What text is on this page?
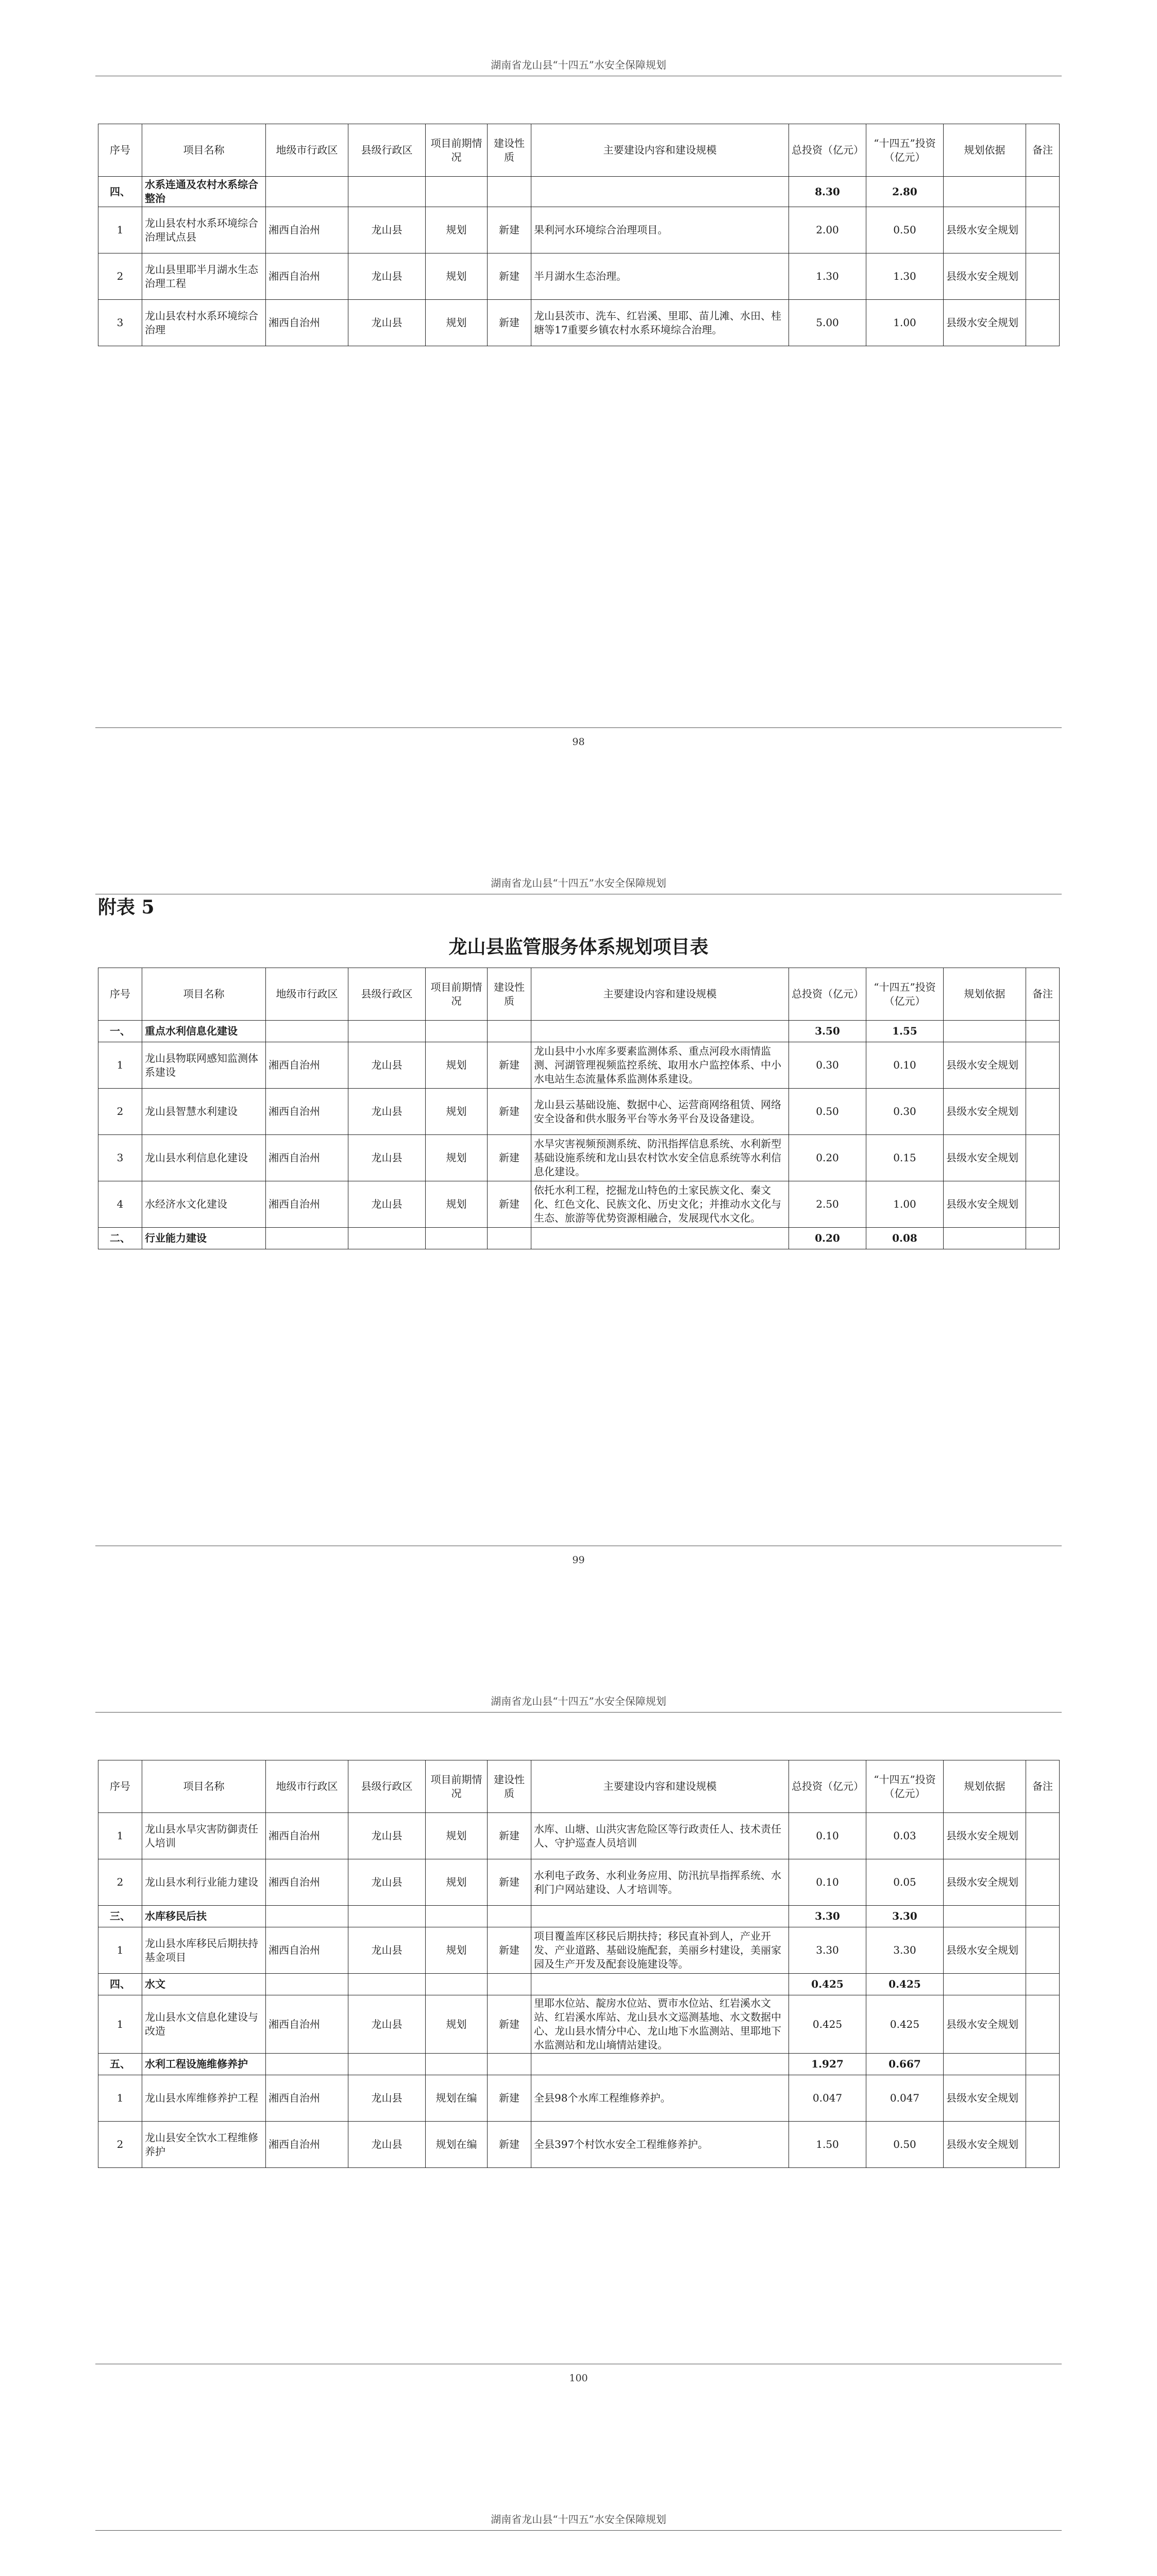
湖南省龙山县“十四五”水安全保障规划
序号	项目名称	地级市行政区	县级行政区	项目前期情况	建设性质	主要建设内容和建设规模	总投资（亿元）	“十四五”投资（亿元）	规划依据	备注
四、	水系连通及农村水系综合整治						8.30	2.80		
1	龙山县农村水系环境综合治理试点县	湘西自治州	龙山县	规划	新建	果利河水环境综合治理项目。	2.00	0.50	县级水安全规划	
2	龙山县里耶半月湖水生态治理工程	湘西自治州	龙山县	规划	新建	半月湖水生态治理。	1.30	1.30	县级水安全规划	
3	龙山县农村水系环境综合治理	湘西自治州	龙山县	规划	新建	龙山县茨市、洗车、红岩溪、里耶、苗儿滩、水田、桂塘等17重要乡镇农村水系环境综合治理。	5.00	1.00	县级水安全规划	
98
湖南省龙山县“十四五”水安全保障规划
附表 5
龙山县监管服务体系规划项目表
序号	项目名称	地级市行政区	县级行政区	项目前期情况	建设性质	主要建设内容和建设规模	总投资（亿元）	“十四五”投资（亿元）	规划依据	备注
一、	重点水利信息化建设						3.50	1.55		
1	龙山县物联网感知监测体系建设	湘西自治州	龙山县	规划	新建	龙山县中小水库多要素监测体系、重点河段水雨情监测、河湖管理视频监控系统、取用水户监控体系、中小水电站生态流量体系监测体系建设。	0.30	0.10	县级水安全规划	
2	龙山县智慧水利建设	湘西自治州	龙山县	规划	新建	龙山县云基础设施、数据中心、运营商网络租赁、网络安全设备和供水服务平台等水务平台及设备建设。	0.50	0.30	县级水安全规划	
3	龙山县水利信息化建设	湘西自治州	龙山县	规划	新建	水旱灾害视频预测系统、防汛指挥信息系统、水利新型基础设施系统和龙山县农村饮水安全信息系统等水利信息化建设。	0.20	0.15	县级水安全规划	
4	水经济水文化建设	湘西自治州	龙山县	规划	新建	依托水利工程，挖掘龙山特色的土家民族文化、秦文化、红色文化、民族文化、历史文化；并推动水文化与生态、旅游等优势资源相融合，发展现代水文化。	2.50	1.00	县级水安全规划	
二、	行业能力建设						0.20	0.08		
99
湖南省龙山县“十四五”水安全保障规划
序号	项目名称	地级市行政区	县级行政区	项目前期情况	建设性质	主要建设内容和建设规模	总投资（亿元）	“十四五”投资（亿元）	规划依据	备注
1	龙山县水旱灾害防御责任人培训	湘西自治州	龙山县	规划	新建	水库、山塘、山洪灾害危险区等行政责任人、技术责任人、守护巡查人员培训	0.10	0.03	县级水安全规划	
2	龙山县水利行业能力建设	湘西自治州	龙山县	规划	新建	水利电子政务、水利业务应用、防汛抗旱指挥系统、水利门户网站建设、人才培训等。	0.10	0.05	县级水安全规划	
三、	水库移民后扶						3.30	3.30		
1	龙山县水库移民后期扶持基金项目	湘西自治州	龙山县	规划	新建	项目覆盖库区移民后期扶持；移民直补到人，产业开发、产业道路、基础设施配套，美丽乡村建设，美丽家园及生产开发及配套设施建设等。	3.30	3.30	县级水安全规划	
四、	水文						0.425	0.425		
1	龙山县水文信息化建设与改造	湘西自治州	龙山县	规划	新建	里耶水位站、靛房水位站、贾市水位站、红岩溪水文站、红岩溪水库站、龙山县水文巡测基地、水文数据中心、龙山县水情分中心、龙山地下水监测站、里耶地下水监测站和龙山墒情站建设。	0.425	0.425	县级水安全规划	
五、	水利工程设施维修养护						1.927	0.667		
1	龙山县水库维修养护工程	湘西自治州	龙山县	规划在编	新建	全县98个水库工程维修养护。	0.047	0.047	县级水安全规划	
2	龙山县安全饮水工程维修养护	湘西自治州	龙山县	规划在编	新建	全县397个村饮水安全工程维修养护。	1.50	0.50	县级水安全规划	
100
湖南省龙山县“十四五”水安全保障规划
